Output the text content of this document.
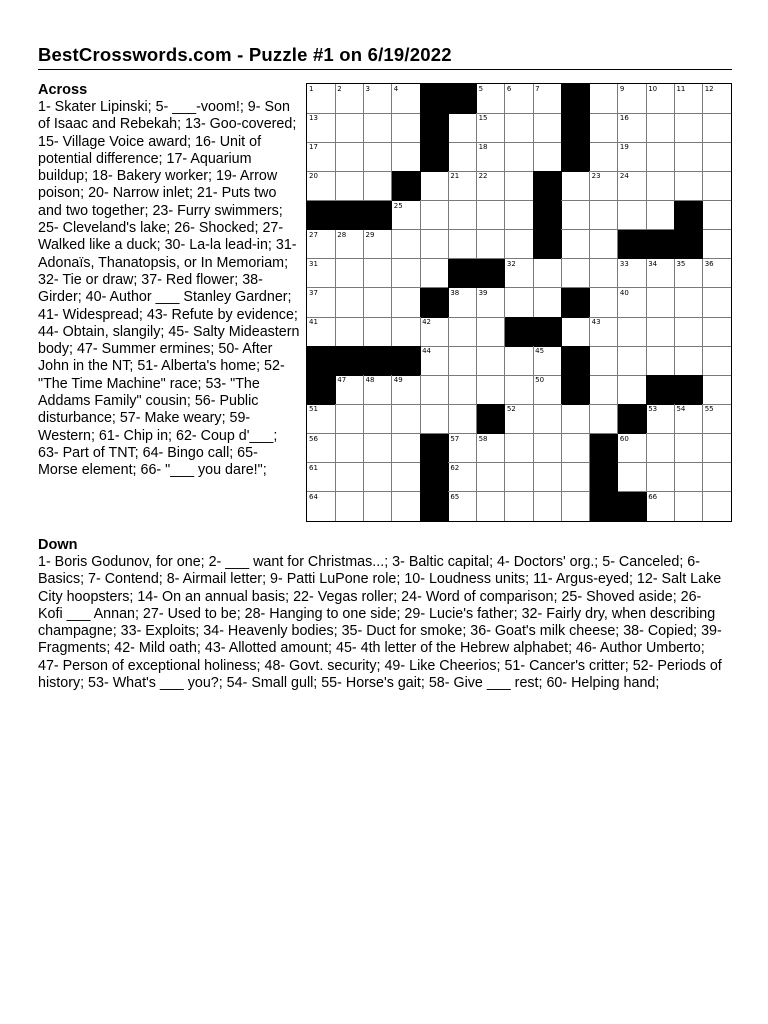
BestCrosswords.com - Puzzle #1 on 6/19/2022
Across
1- Skater Lipinski; 5- ___-voom!; 9- Son of Isaac and Rebekah; 13- Goo-covered; 15- Village Voice award; 16- Unit of potential difference; 17- Aquarium buildup; 18- Bakery worker; 19- Arrow poison; 20- Narrow inlet; 21- Puts two and two together; 23- Furry swimmers; 25- Cleveland's lake; 26- Shocked; 27- Walked like a duck; 30- La-la lead-in; 31- Adonaïs, Thanatopsis, or In Memoriam; 32- Tie or draw; 37- Red flower; 38- Girder; 40- Author ___ Stanley Gardner; 41- Widespread; 43- Refute by evidence; 44- Obtain, slangily; 45- Salty Mideastern body; 47- Summer ermines; 50- After John in the NT; 51- Alberta's home; 52- "The Time Machine" race; 53- "The Addams Family" cousin; 56- Public disturbance; 57- Make weary; 59- Western; 61- Chip in; 62- Coup d'___; 63- Part of TNT; 64- Bingo call; 65- Morse element; 66- "___ you dare!";
1	2	3	4	5	6	7	9	10	11	12
13	15	16
17	18	19
20	21	22	23	24
25
27	28	29
31	32	33	34	35	36
37	38	39	40
41	42	43
44	45
47	48	49	50
51	52	53	54	55
56	57	58	60
61	62
64	65	66
Down
1- Boris Godunov, for one; 2- ___ want for Christmas...; 3- Baltic capital; 4- Doctors' org.; 5- Canceled; 6- Basics; 7- Contend; 8- Airmail letter; 9- Patti LuPone role; 10- Loudness units; 11- Argus-eyed; 12- Salt Lake City hoopsters; 14- On an annual basis; 22- Vegas roller; 24- Word of comparison; 25- Shoved aside; 26- Kofi ___ Annan; 27- Used to be; 28- Hanging to one side; 29- Lucie's father; 32- Fairly dry, when describing champagne; 33- Exploits; 34- Heavenly bodies; 35- Duct for smoke; 36- Goat's milk cheese; 38- Copied; 39- Fragments; 42- Mild oath; 43- Allotted amount; 45- 4th letter of the Hebrew alphabet; 46- Author Umberto; 47- Person of exceptional holiness; 48- Govt. security; 49- Like Cheerios; 51- Cancer's critter; 52- Periods of history; 53- What's ___ you?; 54- Small gull; 55- Horse's gait; 58- Give ___ rest; 60- Helping hand;
